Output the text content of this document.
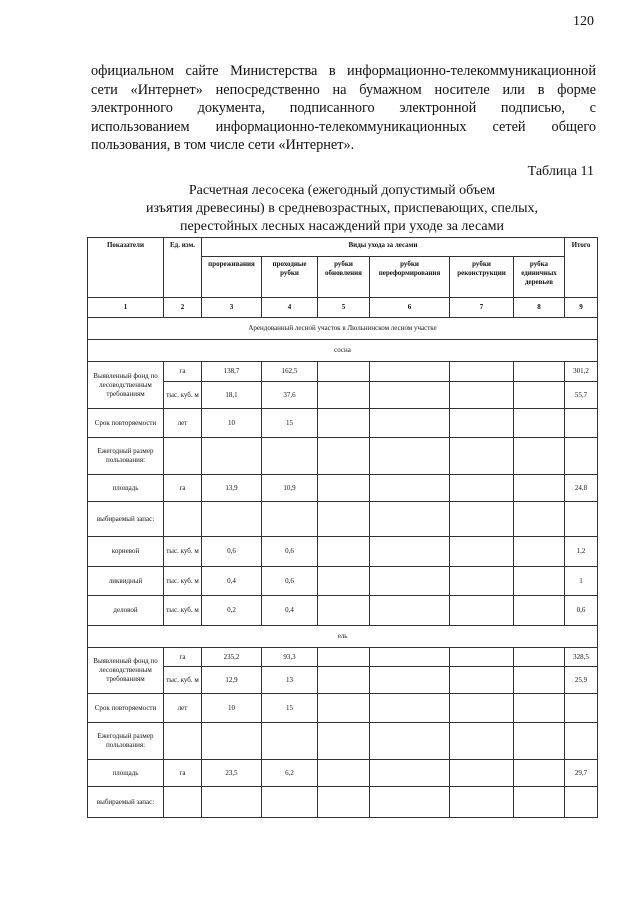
120
официальном сайте Министерства в информационно-телекоммуникационной
сети «Интернет» непосредственно на бумажном носителе или в форме
электронного документа, подписанного электронной подписью, с
использованием информационно-телекоммуникационных сетей общего
пользования, в том числе сети «Интернет».
Таблица 11
Расчетная лесосека (ежегодный допустимый объем
изъятия древесины) в средневозрастных, приспевающих, спелых,
перестойных лесных насаждений при уходе за лесами
Показатели	Ед. изм.	Виды ухода за лесами						Итого
		прореживания	проходные рубки	рубки обновления	рубки переформирования	рубки реконструкции	рубка единичных деревьев	
1	2	3	4	5	6	7	8	9
Арендованный лесной участок в Люльнинском лесном участке								
сосна								
Выявленный фонд по лесоводственным требованиям	га	138,7	162,5					301,2
	тыс. куб. м	18,1	37,6					55,7
Срок повторяемости	лет	10	15					
Ежегодный размер пользования:								
площадь	га	13,9	10,9					24,8
выбираемый запас:								
корневой	тыс. куб. м	0,6	0,6					1,2
ликвидный	тыс. куб. м	0,4	0,6					1
деловой	тыс. куб. м	0,2	0,4					0,6
ель								
Выявленный фонд по лесоводственным требованиям	га	235,2	93,3					328,5
	тыс. куб. м	12,9	13					25,9
Срок повторяемости	лет	10	15					
Ежегодный размер пользования:								
площадь	га	23,5	6,2					29,7
выбираемый запас:								
